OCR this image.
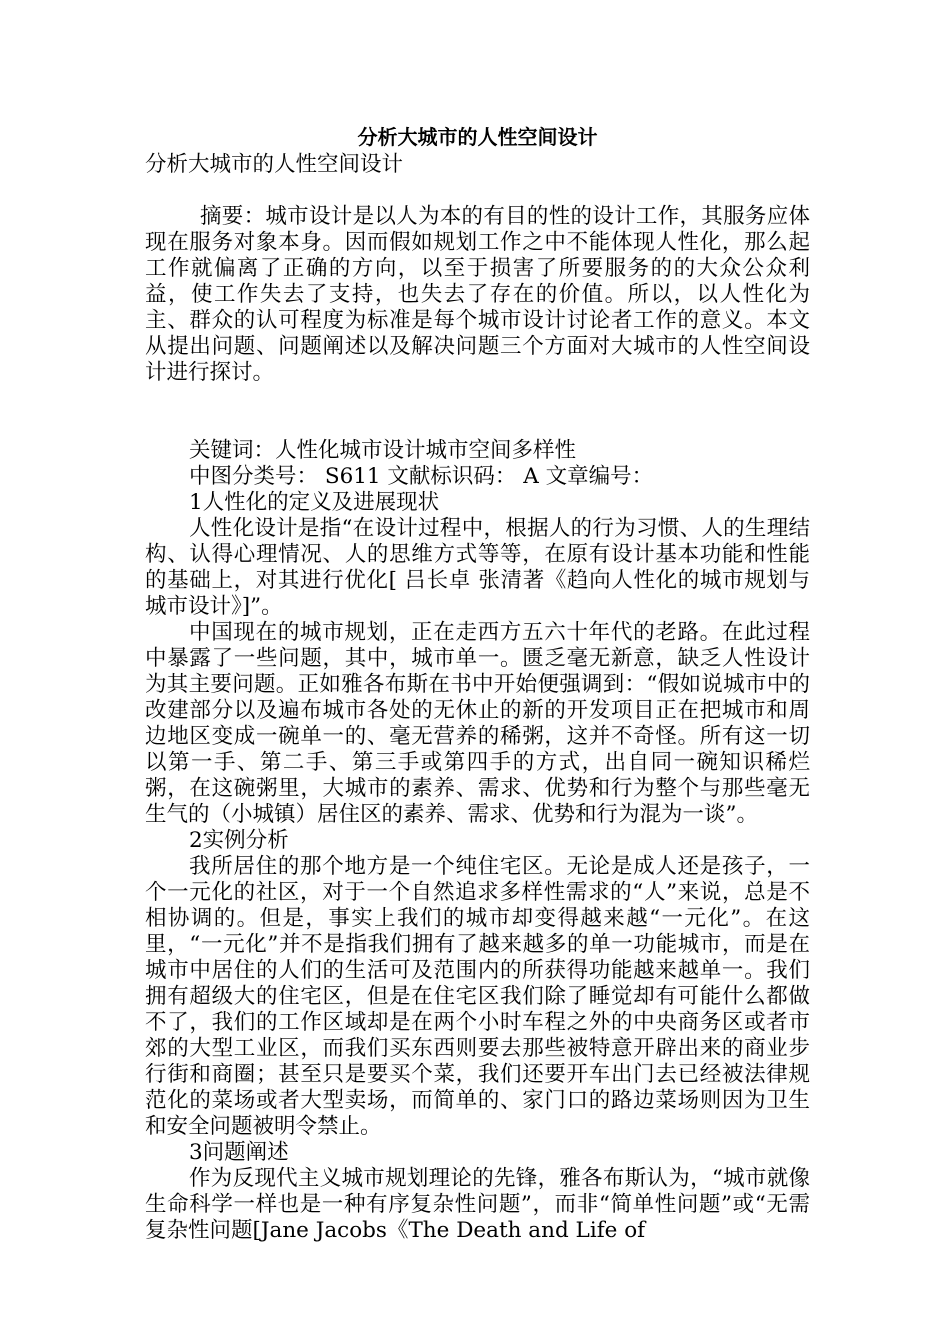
分析大城市的人性空间设计

分析大城市的人性空间设计

摘要：城市设计是以人为本的有目的性的设计工作，其服务应体现在服务对象本身。因而假如规划工作之中不能体现人性化，那么起工作就偏离了正确的方向，以至于损害了所要服务的的大众公众利益，使工作失去了支持，也失去了存在的价值。所以，以人性化为主、群众的认可程度为标准是每个城市设计讨论者工作的意义。本文从提出问题、问题阐述以及解决问题三个方面对大城市的人性空间设计进行探讨。

关键词：人性化城市设计城市空间多样性

中图分类号： S611 文献标识码： A 文章编号：

1人性化的定义及进展现状

人性化设计是指“在设计过程中，根据人的行为习惯、人的生理结构、认得心理情况、人的思维方式等等，在原有设计基本功能和性能的基础上，对其进行优化[ 吕长卓 张清著《趋向人性化的城市规划与城市设计》]”。

中国现在的城市规划，正在走西方五六十年代的老路。在此过程中暴露了一些问题，其中，城市单一。匮乏毫无新意，缺乏人性设计为其主要问题。正如雅各布斯在书中开始便强调到：“假如说城市中的改建部分以及遍布城市各处的无休止的新的开发项目正在把城市和周边地区变成一碗单一的、毫无营养的稀粥，这并不奇怪。所有这一切以第一手、第二手、第三手或第四手的方式，出自同一碗知识稀烂粥，在这碗粥里，大城市的素养、需求、优势和行为整个与那些毫无生气的（小城镇）居住区的素养、需求、优势和行为混为一谈”。

2实例分析

我所居住的那个地方是一个纯住宅区。无论是成人还是孩子，一个一元化的社区，对于一个自然追求多样性需求的“人”来说，总是不相协调的。但是，事实上我们的城市却变得越来越“一元化”。在这里，“一元化”并不是指我们拥有了越来越多的单一功能城市，而是在城市中居住的人们的生活可及范围内的所获得功能越来越单一。我们拥有超级大的住宅区，但是在住宅区我们除了睡觉却有可能什么都做不了，我们的工作区域却是在两个小时车程之外的中央商务区或者市郊的大型工业区，而我们买东西则要去那些被特意开辟出来的商业步行街和商圈；甚至只是要买个菜，我们还要开车出门去已经被法律规范化的菜场或者大型卖场，而简单的、家门口的路边菜场则因为卫生和安全问题被明令禁止。

3问题阐述

作为反现代主义城市规划理论的先锋，雅各布斯认为，“城市就像生命科学一样也是一种有序复杂性问题”，而非“简单性问题”或“无需复杂性问题[Jane Jacobs《The Death and Life of
